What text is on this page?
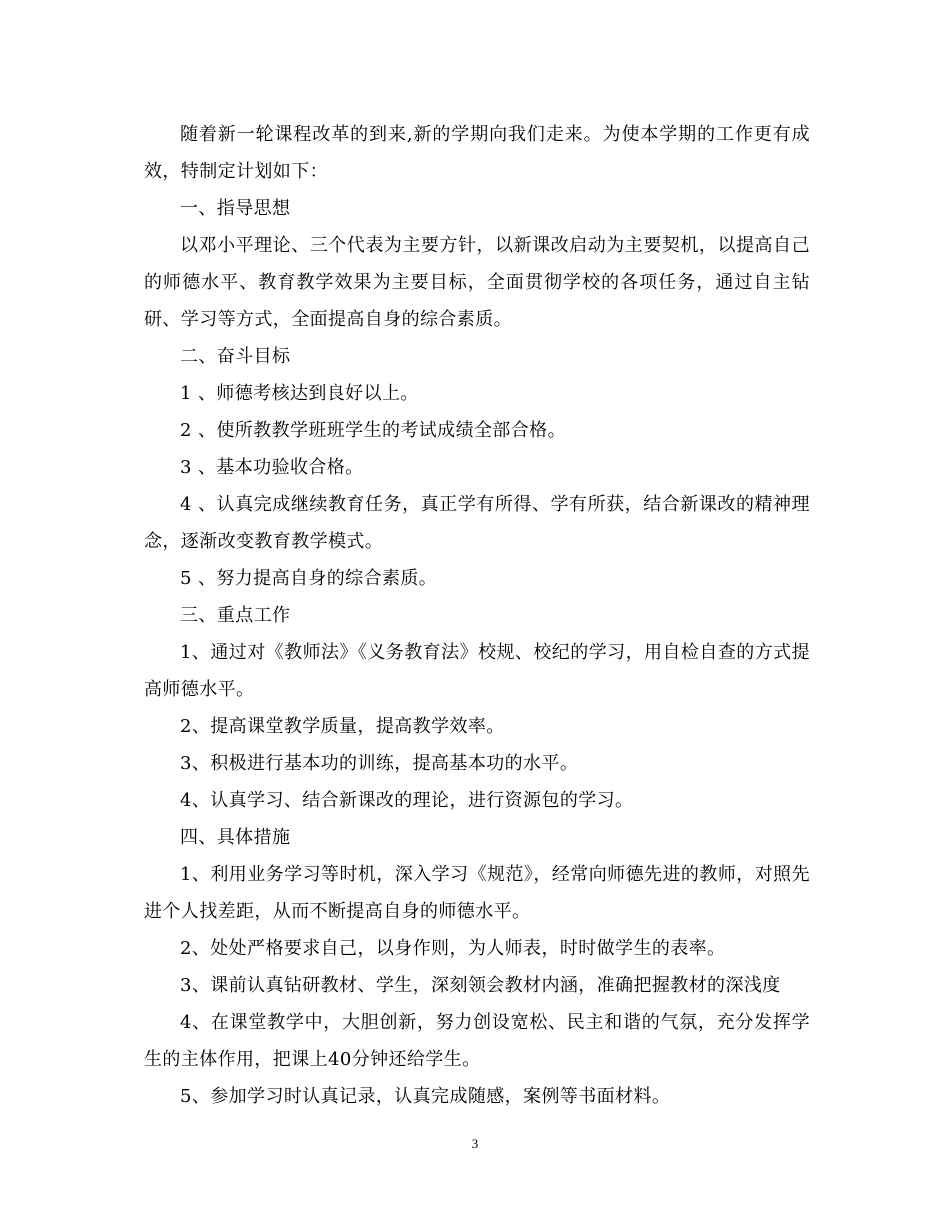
随着新一轮课程改革的到来,新的学期向我们走来。为使本学期的工作更有成效，特制定计划如下：

一、指导思想

以邓小平理论、三个代表为主要方针，以新课改启动为主要契机，以提高自己的师德水平、教育教学效果为主要目标，全面贯彻学校的各项任务，通过自主钻研、学习等方式，全面提高自身的综合素质。

二、奋斗目标

1 、师德考核达到良好以上。

2 、使所教教学班班学生的考试成绩全部合格。

3 、基本功验收合格。

4 、认真完成继续教育任务，真正学有所得、学有所获，结合新课改的精神理念，逐渐改变教育教学模式。

5 、努力提高自身的综合素质。

三、重点工作

1、通过对《教师法》《义务教育法》校规、校纪的学习，用自检自查的方式提高师德水平。

2、提高课堂教学质量，提高教学效率。

3、积极进行基本功的训练，提高基本功的水平。

4、认真学习、结合新课改的理论，进行资源包的学习。

四、具体措施

1、利用业务学习等时机，深入学习《规范》，经常向师德先进的教师，对照先进个人找差距，从而不断提高自身的师德水平。

2、处处严格要求自己，以身作则，为人师表，时时做学生的表率。

3、课前认真钻研教材、学生，深刻领会教材内涵，准确把握教材的深浅度

4、在课堂教学中，大胆创新，努力创设宽松、民主和谐的气氛，充分发挥学生的主体作用，把课上40分钟还给学生。

5、参加学习时认真记录，认真完成随感，案例等书面材料。

3
